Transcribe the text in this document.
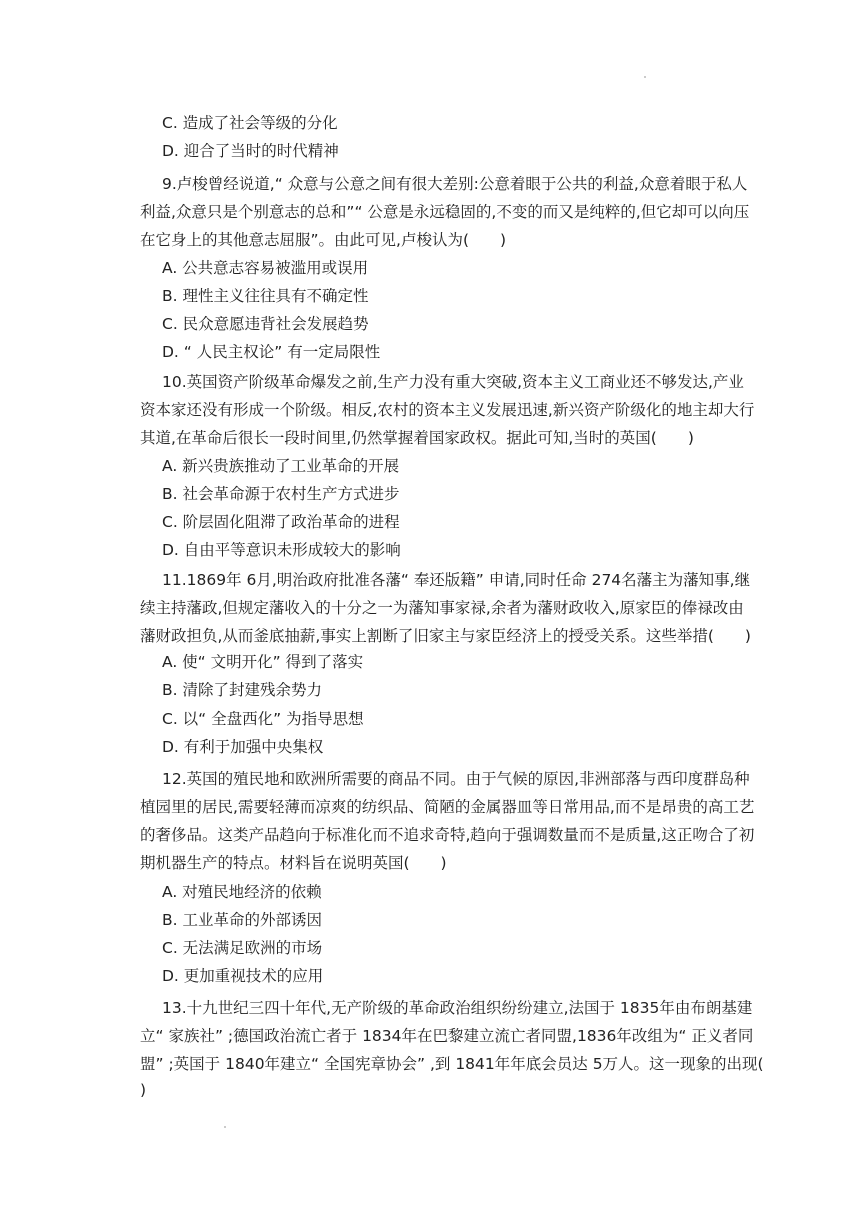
C. 造成了社会等级的分化

D. 迎合了当时的时代精神

9.卢梭曾经说道,“ 众意与公意之间有很大差别:公意着眼于公共的利益,众意着眼于私人

利益,众意只是个别意志的总和”“ 公意是永远稳固的,不变的而又是纯粹的,但它却可以向压

在它身上的其他意志屈服”。由此可见,卢梭认为(　　)

A. 公共意志容易被滥用或误用

B. 理性主义往往具有不确定性

C. 民众意愿违背社会发展趋势

D. “ 人民主权论” 有一定局限性

10.英国资产阶级革命爆发之前,生产力没有重大突破,资本主义工商业还不够发达,产业

资本家还没有形成一个阶级。相反,农村的资本主义发展迅速,新兴资产阶级化的地主却大行

其道,在革命后很长一段时间里,仍然掌握着国家政权。据此可知,当时的英国(　　)

A. 新兴贵族推动了工业革命的开展

B. 社会革命源于农村生产方式进步

C. 阶层固化阻滞了政治革命的进程

D. 自由平等意识未形成较大的影响

11.1869年 6月,明治政府批准各藩“ 奉还版籍” 申请,同时任命 274名藩主为藩知事,继

续主持藩政,但规定藩收入的十分之一为藩知事家禄,余者为藩财政收入,原家臣的俸禄改由

藩财政担负,从而釜底抽薪,事实上割断了旧家主与家臣经济上的授受关系。这些举措(　　)

A. 使“ 文明开化” 得到了落实

B. 清除了封建残余势力

C. 以“ 全盘西化” 为指导思想

D. 有利于加强中央集权

12.英国的殖民地和欧洲所需要的商品不同。由于气候的原因,非洲部落与西印度群岛种

植园里的居民,需要轻薄而凉爽的纺织品、简陋的金属器皿等日常用品,而不是昂贵的高工艺

的奢侈品。这类产品趋向于标准化而不追求奇特,趋向于强调数量而不是质量,这正吻合了初

期机器生产的特点。材料旨在说明英国(　　)

A. 对殖民地经济的依赖

B. 工业革命的外部诱因

C. 无法满足欧洲的市场

D. 更加重视技术的应用

13.十九世纪三四十年代,无产阶级的革命政治组织纷纷建立,法国于 1835年由布朗基建

立“ 家族社” ;德国政治流亡者于 1834年在巴黎建立流亡者同盟,1836年改组为“ 正义者同

盟” ;英国于 1840年建立“ 全国宪章协会” ,到 1841年年底会员达 5万人。这一现象的出现(

)
